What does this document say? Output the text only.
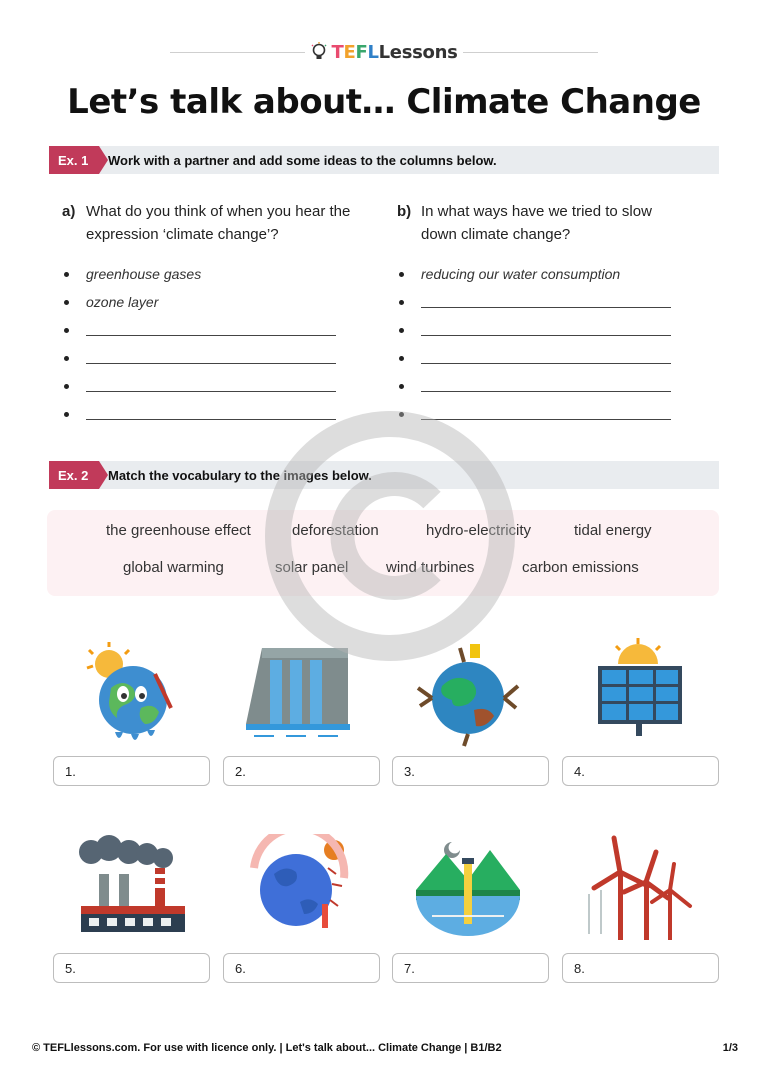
TEFLLessons
Let’s talk about… Climate Change
Ex. 1	Work with a partner and add some ideas to the columns below.
a) What do you think of when you hear the expression ‘climate change’?
greenhouse gases
ozone layer
b) In what ways have we tried to slow down climate change?
reducing our water consumption
Ex. 2	Match the vocabulary to the images below.
the greenhouse effect	deforestation	hydro-electricity	tidal energy
global warming	solar panel	wind turbines	carbon emissions
1.	2.	3.	4.
5.	6.	7.	8.
© TEFLlessons.com. For use with licence only. | Let's talk about... Climate Change | B1/B2	1/3
